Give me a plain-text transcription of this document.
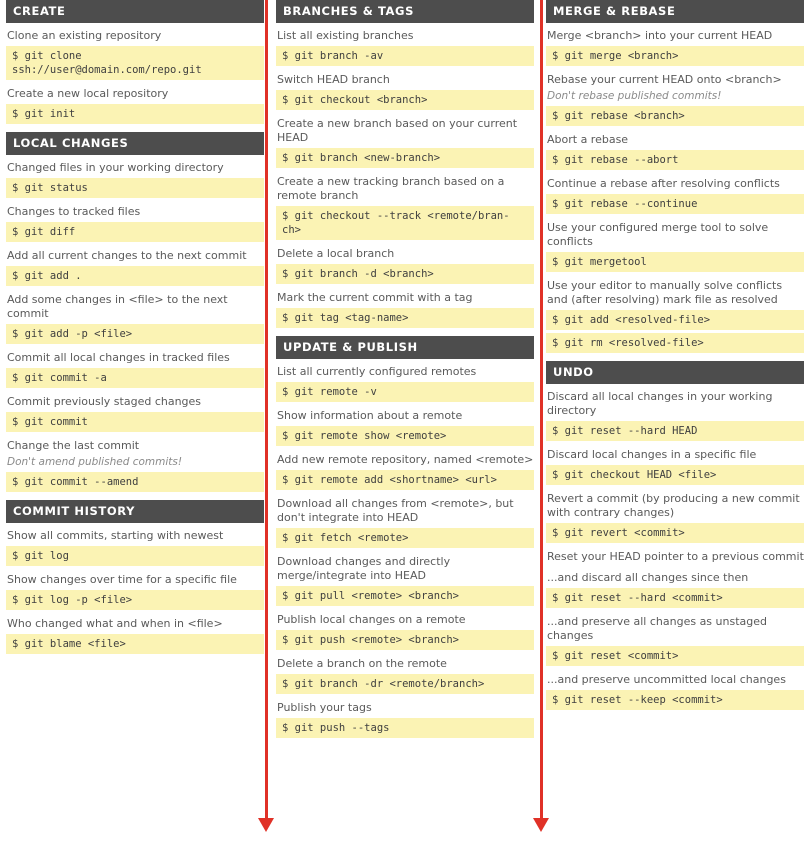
CREATE
Clone an existing repository
$ git clone ssh://user@domain.com/repo.git
Create a new local repository
$ git init
LOCAL CHANGES
Changed files in your working directory
$ git status
Changes to tracked files
$ git diff
Add all current changes to the next commit
$ git add .
Add some changes in <file> to the next commit
$ git add -p <file>
Commit all local changes in tracked files
$ git commit -a
Commit previously staged changes
$ git commit
Change the last commit
Don't amend published commits!
$ git commit --amend
COMMIT HISTORY
Show all commits, starting with newest
$ git log
Show changes over time for a specific file
$ git log -p <file>
Who changed what and when in <file>
$ git blame <file>
BRANCHES & TAGS
List all existing branches
$ git branch -av
Switch HEAD branch
$ git checkout <branch>
Create a new branch based on your current HEAD
$ git branch <new-branch>
Create a new tracking branch based on a remote branch
$ git checkout --track <remote/bran-ch>
Delete a local branch
$ git branch -d <branch>
Mark the current commit with a tag
$ git tag <tag-name>
UPDATE & PUBLISH
List all currently configured remotes
$ git remote -v
Show information about a remote
$ git remote show <remote>
Add new remote repository, named <remote>
$ git remote add <shortname> <url>
Download all changes from <remote>, but don't integrate into HEAD
$ git fetch <remote>
Download changes and directly merge/integrate into HEAD
$ git pull <remote> <branch>
Publish local changes on a remote
$ git push <remote> <branch>
Delete a branch on the remote
$ git branch -dr <remote/branch>
Publish your tags
$ git push --tags
MERGE & REBASE
Merge <branch> into your current HEAD
$ git merge <branch>
Rebase your current HEAD onto <branch>
Don't rebase published commits!
$ git rebase <branch>
Abort a rebase
$ git rebase --abort
Continue a rebase after resolving conflicts
$ git rebase --continue
Use your configured merge tool to solve conflicts
$ git mergetool
Use your editor to manually solve conflicts and (after resolving) mark file as resolved
$ git add <resolved-file>
$ git rm <resolved-file>
UNDO
Discard all local changes in your working directory
$ git reset --hard HEAD
Discard local changes in a specific file
$ git checkout HEAD <file>
Revert a commit (by producing a new commit with contrary changes)
$ git revert <commit>
Reset your HEAD pointer to a previous commit
...and discard all changes since then
$ git reset --hard <commit>
...and preserve all changes as unstaged changes
$ git reset <commit>
...and preserve uncommitted local changes
$ git reset --keep <commit>
